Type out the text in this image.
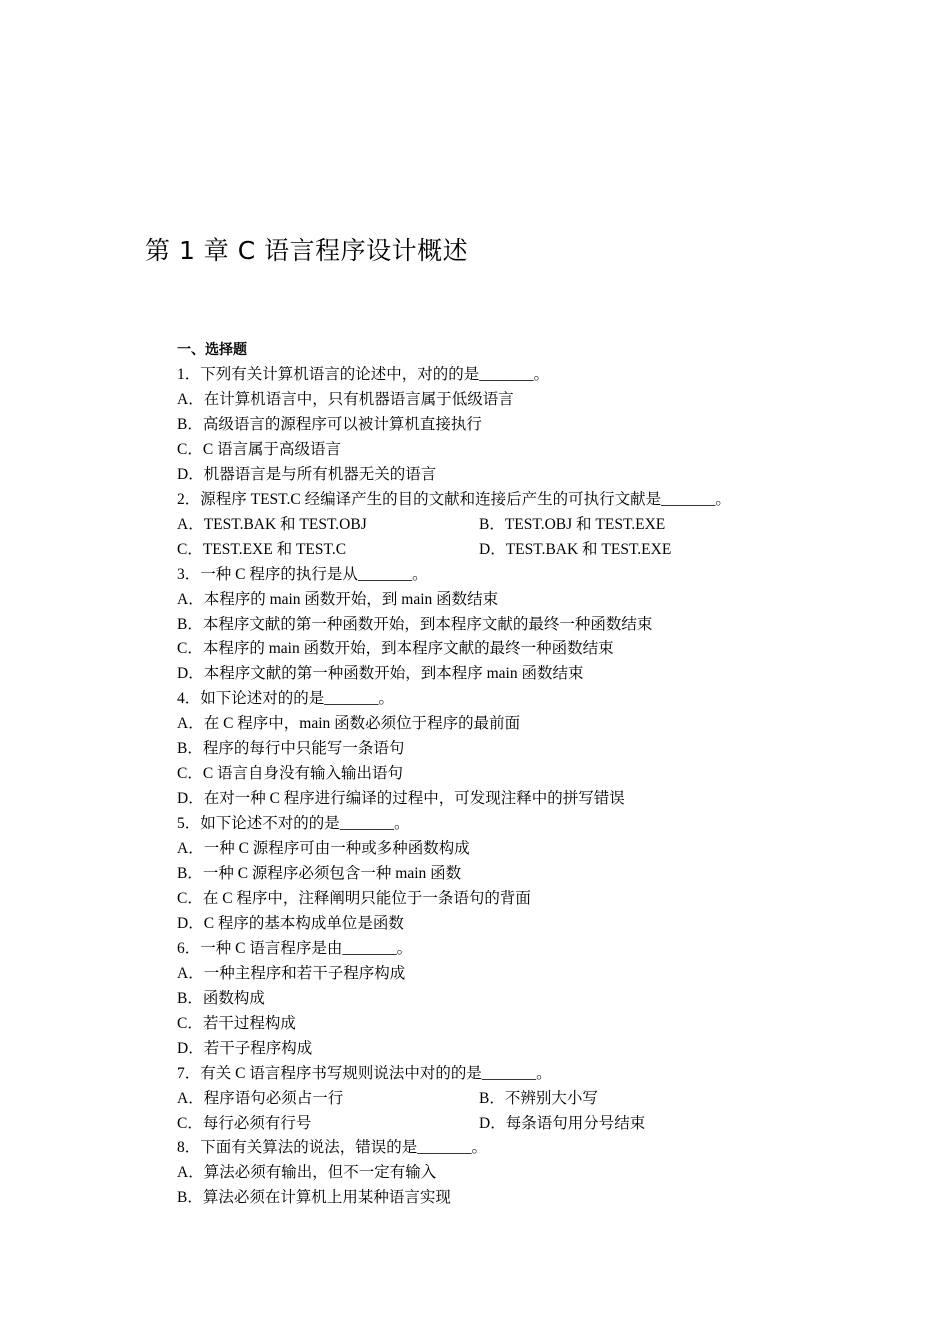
第 1 章 C 语言程序设计概述
一、选择题
1．下列有关计算机语言的论述中，对的的是_______。
A．在计算机语言中，只有机器语言属于低级语言
B．高级语言的源程序可以被计算机直接执行
C．C 语言属于高级语言
D．机器语言是与所有机器无关的语言
2．源程序 TEST.C 经编译产生的目的文献和连接后产生的可执行文献是_______。
A．TEST.BAK 和 TEST.OBJ	B．TEST.OBJ 和 TEST.EXE
C．TEST.EXE 和 TEST.C	D．TEST.BAK 和 TEST.EXE
3．一种 C 程序的执行是从_______。
A．本程序的 main 函数开始，到 main 函数结束
B．本程序文献的第一种函数开始，到本程序文献的最终一种函数结束
C．本程序的 main 函数开始，到本程序文献的最终一种函数结束
D．本程序文献的第一种函数开始，到本程序 main 函数结束
4．如下论述对的的是_______。
A．在 C 程序中，main 函数必须位于程序的最前面
B．程序的每行中只能写一条语句
C．C 语言自身没有输入输出语句
D．在对一种 C 程序进行编译的过程中，可发现注释中的拼写错误
5．如下论述不对的的是_______。
A．一种 C 源程序可由一种或多种函数构成
B．一种 C 源程序必须包含一种 main 函数
C．在 C 程序中，注释阐明只能位于一条语句的背面
D．C 程序的基本构成单位是函数
6．一种 C 语言程序是由_______。
A．一种主程序和若干子程序构成
B．函数构成
C．若干过程构成
D．若干子程序构成
7．有关 C 语言程序书写规则说法中对的的是_______。
A．程序语句必须占一行	B．不辨别大小写
C．每行必须有行号	D．每条语句用分号结束
8．下面有关算法的说法，错误的是_______。
A．算法必须有输出，但不一定有输入
B．算法必须在计算机上用某种语言实现
